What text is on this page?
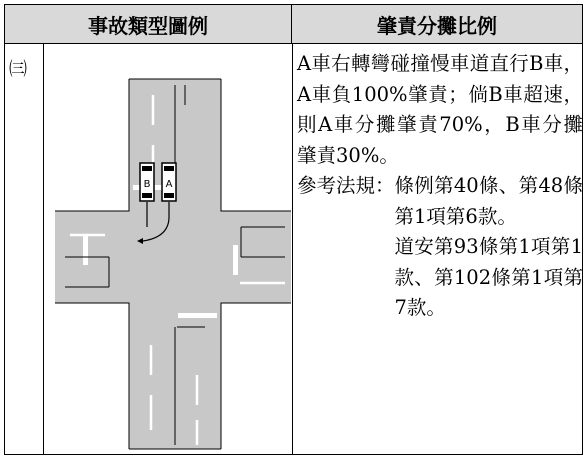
事故類型圖例	肇責分攤比例
㈢
B A

A車右轉彎碰撞慢車道直行B車，A車負100%肇責；倘B車超速，則A車分攤肇責70%，B車分攤肇責30%。

參考法規： 條例第40條、第48條第1項第6款。
道安第93條第1項第1款、第102條第1項第7款。
